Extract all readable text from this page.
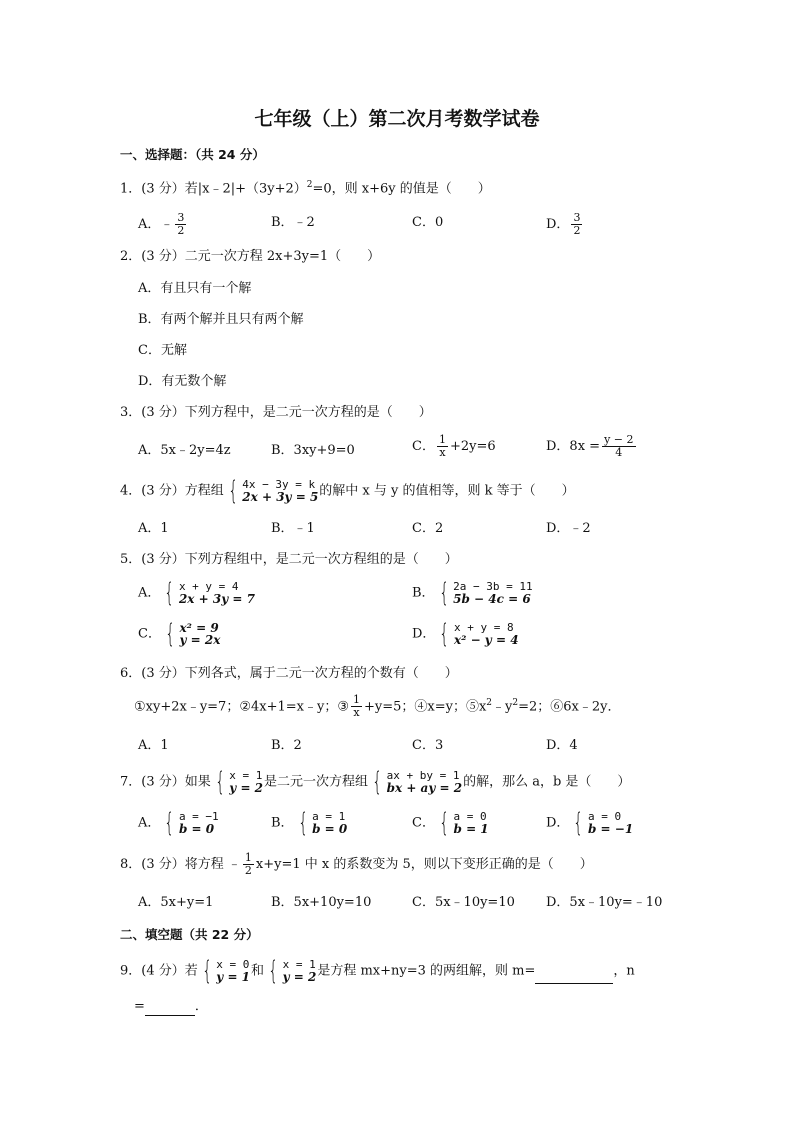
七年级（上）第二次月考数学试卷
一、选择题：（共 24 分）
1．(3 分）若$|x﹣2|+(3y+2)^2=0$，则 x+6y 的值是（　　）
A．﹣ $\frac{3}{2}$	B．﹣2	C．0	D． $\frac{3}{2}$
2．(3 分）二元一次方程 2x+3y=1（　　）
A．有且只有一个解
B．有两个解并且只有两个解
C．无解
D．有无数个解
3．(3 分）下列方程中，是二元一次方程的是（　　）
A．5x﹣2y=4z	B．3xy+9=0	C． $\frac{1}{x} +2y=6$	D．$8x = \frac{y - 2}{4}$
4．(3 分）方程组 { 4x − 3y = k
2x + 3y = 5 的解中 x 与 y 的值相等，则 k 等于（　　）
A．1	B．﹣1	C．2	D．﹣2
5．(3 分）下列方程组中，是二元一次方程组的是（　　）
A． { x + y = 4
2x + 3y = 7	B． { 2a − 3b = 11
5b − 4c = 6
C． { x² = 9
y = 2x	D． { x + y = 8
x² − y = 4
6．(3 分）下列各式，属于二元一次方程的个数有（　　）
①xy+2x﹣y=7；②4x+1=x﹣y；③ $\frac{1}{x} +y=5$；④x=y；$⑤x^2﹣y^2=2$；⑥6x﹣2y．
A．1	B．2	C．3	D．4
7．(3 分）如果 { x = 1
y = 2 是二元一次方程组 { ax + by = 1
bx + ay = 2 的解，那么 a，b 是（　　）
A． { a = −1
b = 0	B． { a = 1
b = 0	C． { a = 0
b = 1	D． { a = 0
b = −1
8．(3 分）将方程 ﹣ $\frac{1}{2} x+y=1$ 中 x 的系数变为 5，则以下变形正确的是（　　）
A．5x+y=1	B．5x+10y=10	C．5x﹣10y=10 D．5x﹣10y=﹣10
二、填空题（共 22 分）
9．(4 分）若 { x = 0
y = 1 和 { x = 1
y = 2 是方程 mx+ny=3 的两组解，则 m=	，n
=	．
